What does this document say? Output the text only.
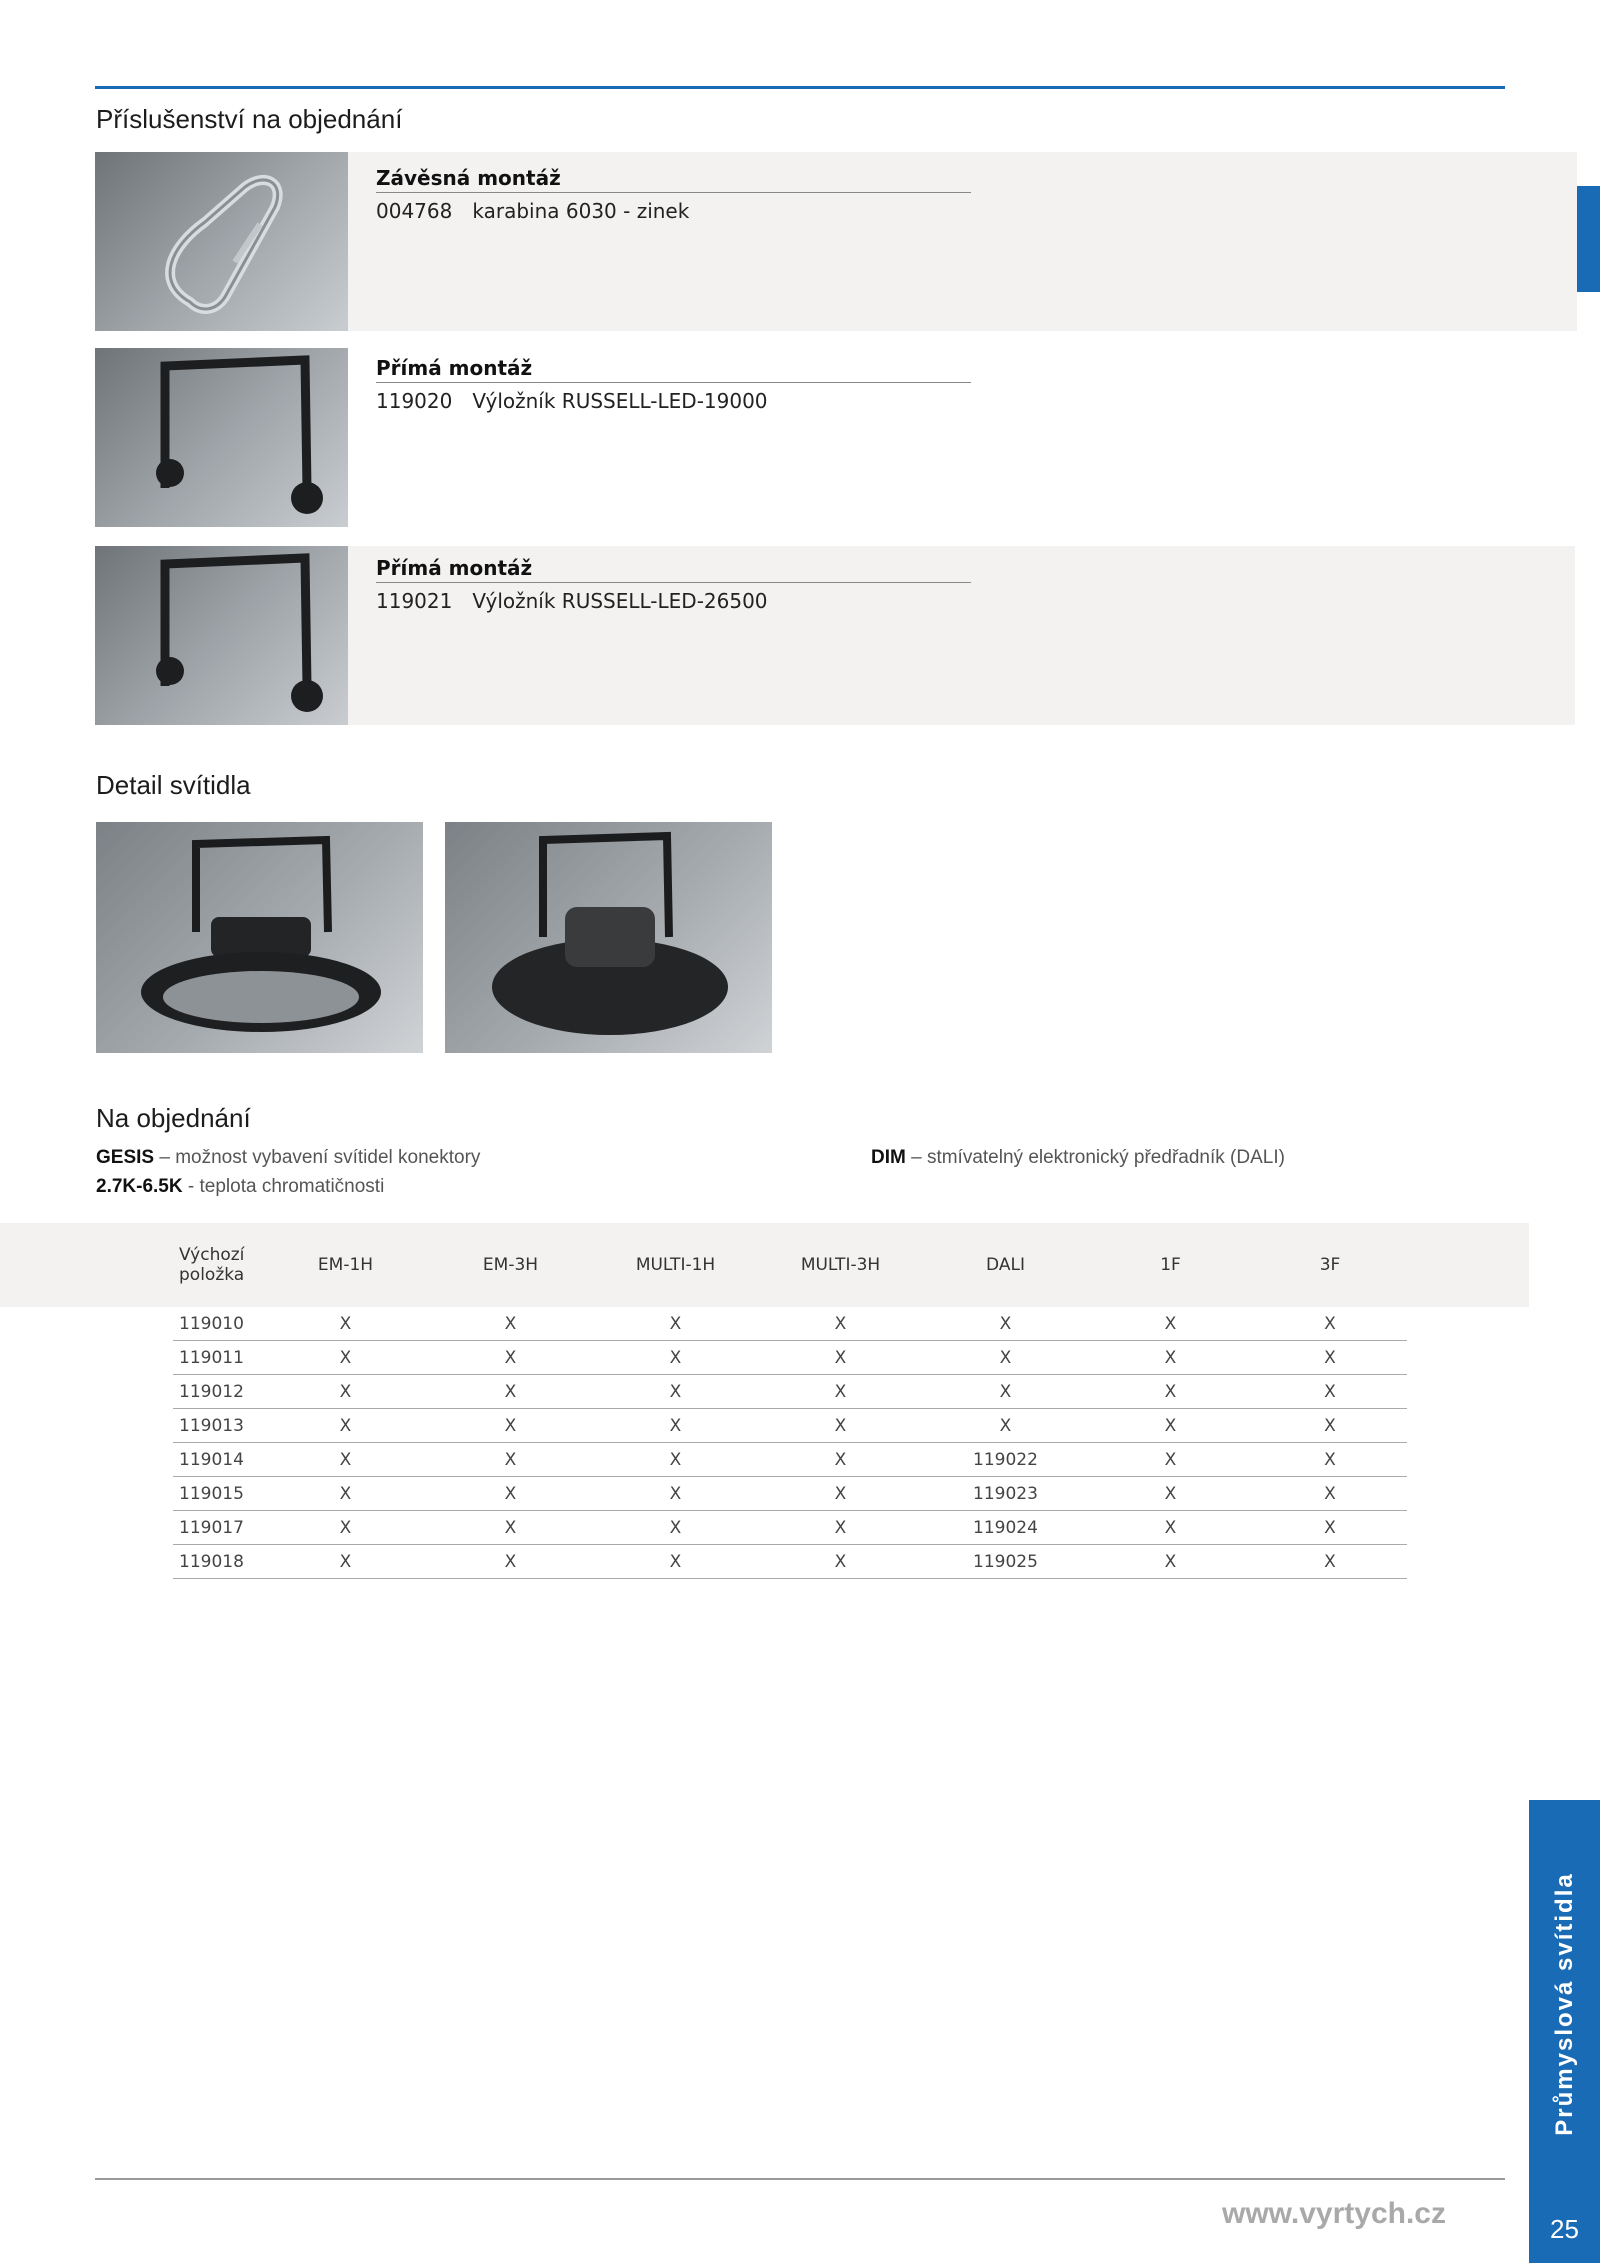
Příslušenství na objednání
Průmyslová svítidla
25
Závěsná montáž
004768 karabina 6030 - zinek
Přímá montáž
119020 Výložník RUSSELL-LED-19000
Přímá montáž
119021 Výložník RUSSELL-LED-26500
Detail svítidla
Na objednání
GESIS – možnost vybavení svítidel konektory	DIM – stmívatelný elektronický předřadník (DALI)
2.7K-6.5K - teplota chromatičnosti
Výchozí položka	EM-1H	EM-3H	MULTI-1H	MULTI-3H	DALI	1F	3F
119010	X	X	X	X	X	X	X
119011	X	X	X	X	X	X	X
119012	X	X	X	X	X	X	X
119013	X	X	X	X	X	X	X
119014	X	X	X	X	119022	X	X
119015	X	X	X	X	119023	X	X
119017	X	X	X	X	119024	X	X
119018	X	X	X	X	119025	X	X
www.vyrtych.cz
